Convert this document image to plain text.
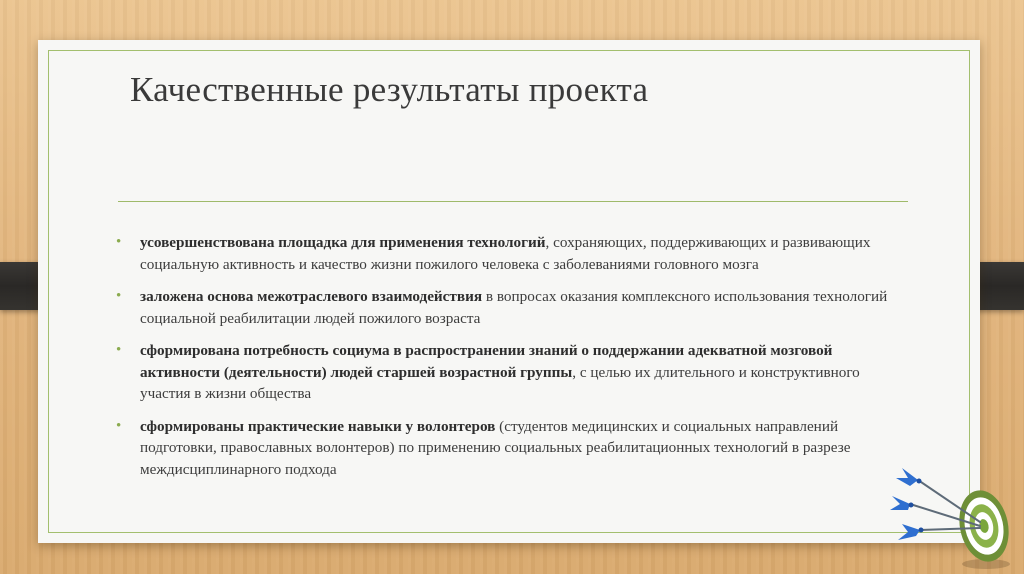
Качественные результаты проекта
• усовершенствована площадка для применения технологий, сохраняющих, поддерживающих и развивающих социальную активность и качество жизни пожилого человека с заболеваниями головного мозга
• заложена основа межотраслевого взаимодействия в вопросах оказания комплексного использования технологий социальной реабилитации людей пожилого возраста
• сформирована потребность социума в распространении знаний о поддержании адекватной мозговой активности (деятельности) людей старшей возрастной группы, с целью их длительного и конструктивного участия в жизни общества
• сформированы практические навыки у волонтеров (студентов медицинских и социальных направлений подготовки, православных волонтеров) по применению социальных реабилитационных технологий в разрезе междисциплинарного подхода
